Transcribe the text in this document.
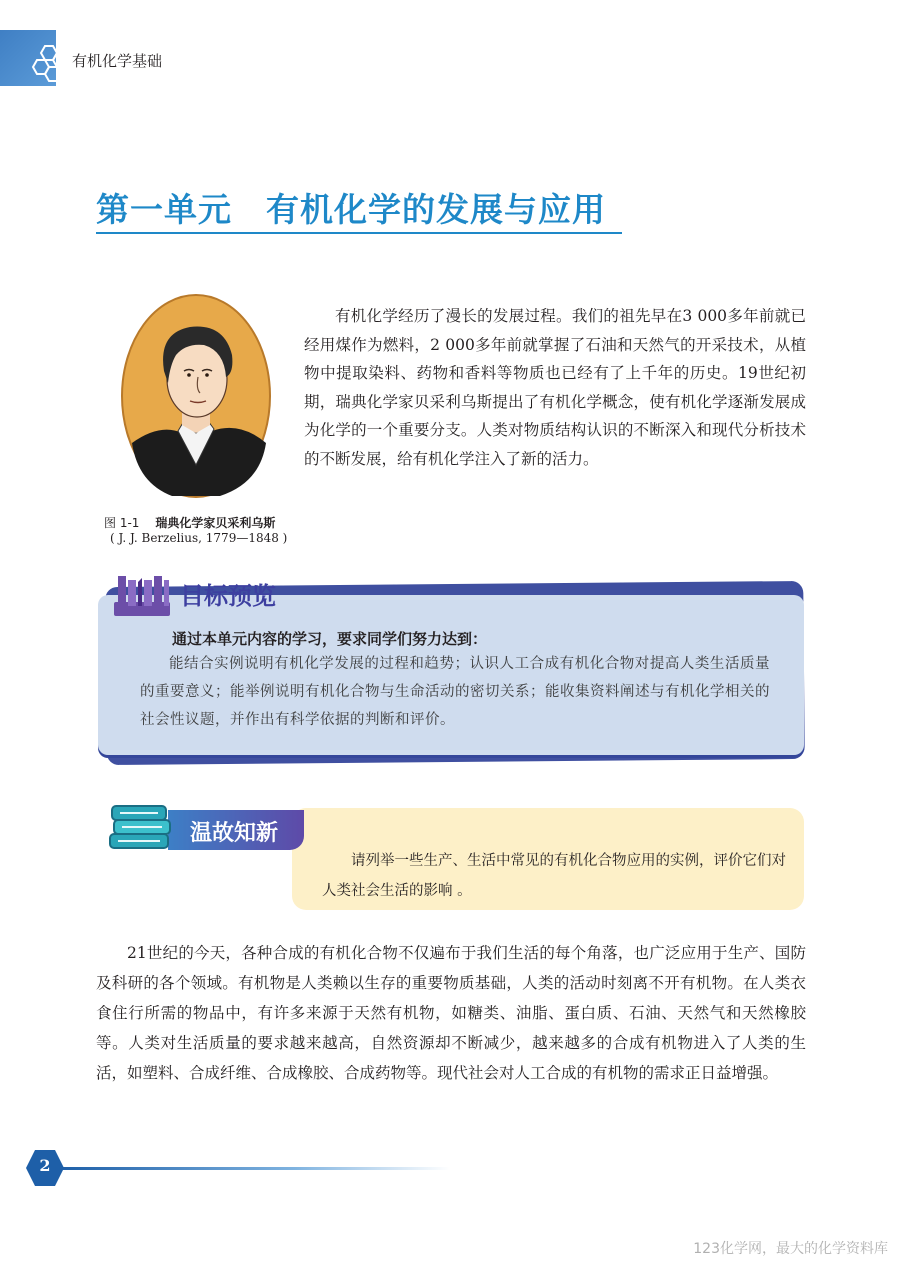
有机化学基础
第一单元 有机化学的发展与应用
图 1-1 瑞典化学家贝采利乌斯
( J. J. Berzelius, 1779—1848 )

有机化学经历了漫长的发展过程。我们的祖先早在3 000多年前就已经用煤作为燃料，2 000多年前就掌握了石油和天然气的开采技术，从植物中提取染料、药物和香料等物质也已经有了上千年的历史。19世纪初期，瑞典化学家贝采利乌斯提出了有机化学概念，使有机化学逐渐发展成为化学的一个重要分支。人类对物质结构认识的不断深入和现代分析技术的不断发展，给有机化学注入了新的活力。

目标预览
通过本单元内容的学习，要求同学们努力达到：

能结合实例说明有机化学发展的过程和趋势；认识人工合成有机化合物对提高人类生活质量的重要意义；能举例说明有机化合物与生命活动的密切关系；能收集资料阐述与有机化学相关的社会性议题，并作出有科学依据的判断和评价。

温故知新

请列举一些生产、生活中常见的有机化合物应用的实例，评价它们对人类社会生活的影响 。

21世纪的今天，各种合成的有机化合物不仅遍布于我们生活的每个角落，也广泛应用于生产、国防及科研的各个领域。有机物是人类赖以生存的重要物质基础，人类的活动时刻离不开有机物。在人类衣食住行所需的物品中，有许多来源于天然有机物，如糖类、油脂、蛋白质、石油、天然气和天然橡胶等。人类对生活质量的要求越来越高，自然资源却不断减少，越来越多的合成有机物进入了人类的生活，如塑料、合成纤维、合成橡胶、合成药物等。现代社会对人工合成的有机物的需求正日益增强。

2
123化学网，最大的化学资料库
